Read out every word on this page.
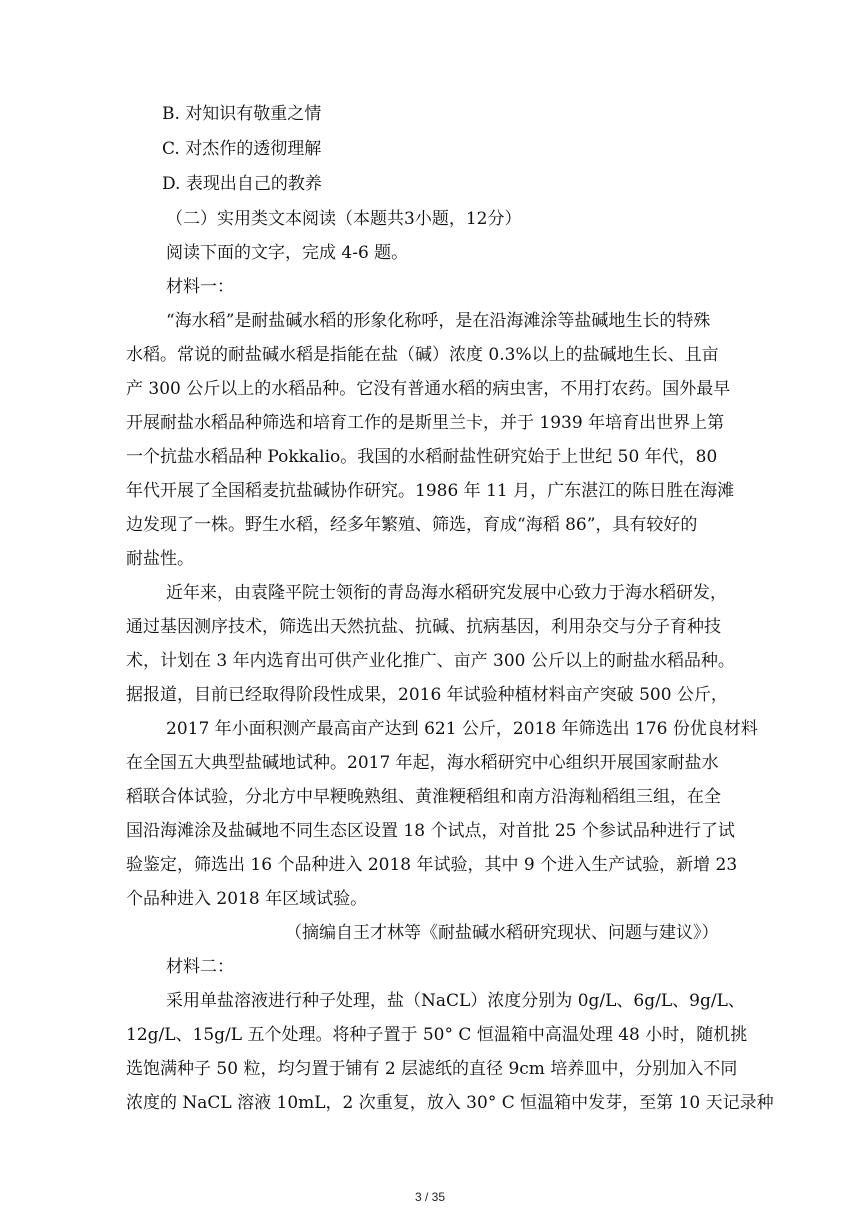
B. 对知识有敬重之情
C. 对杰作的透彻理解
D. 表现出自己的教养
（二）实用类文本阅读（本题共3小题，12分）
阅读下面的文字，完成 4-6 题。
材料一：
“海水稻”是耐盐碱水稻的形象化称呼，是在沿海滩涂等盐碱地生长的特殊
水稻。常说的耐盐碱水稻是指能在盐（碱）浓度 0.3%以上的盐碱地生长、且亩
产 300 公斤以上的水稻品种。它没有普通水稻的病虫害，不用打农药。国外最早
开展耐盐水稻品种筛选和培育工作的是斯里兰卡，并于 1939 年培育出世界上第
一个抗盐水稻品种 Pokkalio。我国的水稻耐盐性研究始于上世纪 50 年代，80
年代开展了全国稻麦抗盐碱协作研究。1986 年 11 月，广东湛江的陈日胜在海滩
边发现了一株。野生水稻，经多年繁殖、筛选，育成“海稻 86”，具有较好的
耐盐性。
近年来，由袁隆平院士领衔的青岛海水稻研究发展中心致力于海水稻研发，
通过基因测序技术，筛选出天然抗盐、抗碱、抗病基因，利用杂交与分子育种技
术，计划在 3 年内选育出可供产业化推广、亩产 300 公斤以上的耐盐水稻品种。
据报道，目前已经取得阶段性成果，2016 年试验种植材料亩产突破 500 公斤，
2017 年小面积测产最高亩产达到 621 公斤，2018 年筛选出 176 份优良材料
在全国五大典型盐碱地试种。2017 年起，海水稻研究中心组织开展国家耐盐水
稻联合体试验，分北方中早粳晚熟组、黄淮粳稻组和南方沿海籼稻组三组，在全
国沿海滩涂及盐碱地不同生态区设置 18 个试点，对首批 25 个参试品种进行了试
验鉴定，筛选出 16 个品种进入 2018 年试验，其中 9 个进入生产试验，新增 23
个品种进入 2018 年区域试验。
（摘编自王才林等《耐盐碱水稻研究现状、问题与建议》）
材料二：
采用单盐溶液进行种子处理，盐（NaCL）浓度分别为 0g/L、6g/L、9g/L、
12g/L、15g/L 五个处理。将种子置于 50° C 恒温箱中高温处理 48 小时，随机挑
选饱满种子 50 粒，均匀置于铺有 2 层滤纸的直径 9cm 培养皿中，分别加入不同
浓度的 NaCL 溶液 10mL，2 次重复，放入 30° C 恒温箱中发芽，至第 10 天记录种
3 / 35
